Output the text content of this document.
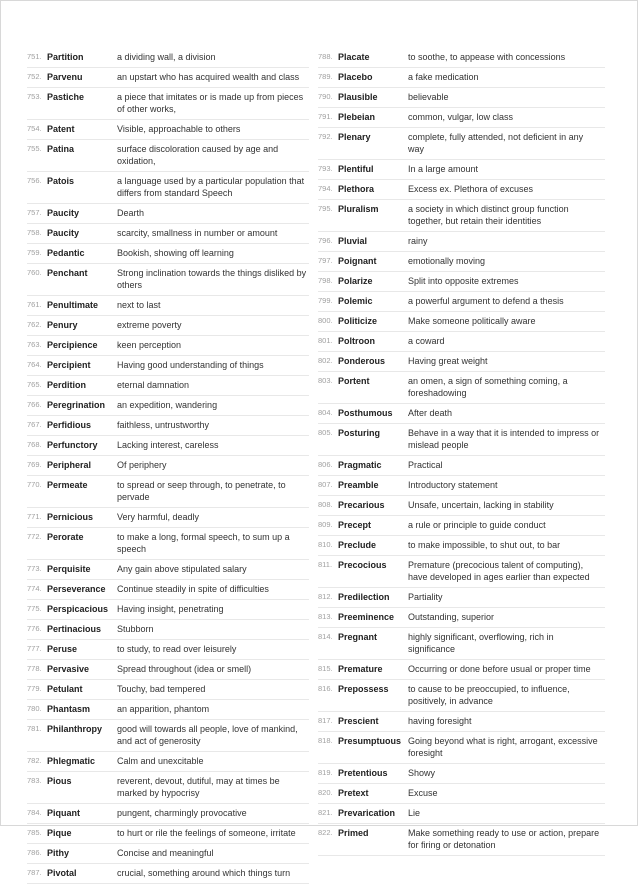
751. Partition	a dividing wall, a division
752. Parvenu	an upstart who has acquired wealth and class
753. Pastiche	a piece that imitates or is made up from pieces of other works,
754. Patent	Visible, approachable to others
755. Patina	surface discoloration caused by age and oxidation,
756. Patois	a language used by a particular population that differs from standard Speech
757. Paucity	Dearth
758. Paucity	scarcity, smallness in number or amount
759. Pedantic	Bookish, showing off learning
760. Penchant	Strong inclination towards the things disliked by others
761. Penultimate next to last
762. Penury	extreme poverty
763. Percipience keen perception
764. Percipient	Having good understanding of things
765. Perdition	eternal damnation
766. Peregrination an expedition, wandering
767. Perfidious	faithless, untrustworthy
768. Perfunctory Lacking interest, careless
769. Peripheral	Of periphery
770. Permeate	to spread or seep through, to penetrate, to pervade
771. Pernicious	Very harmful, deadly
772. Perorate	to make a long, formal speech, to sum up a speech
773. Perquisite	Any gain above stipulated salary
774. Perseverance Continue steadily in spite of difficulties
775. Perspicacious Having insight, penetrating
776. Pertinacious Stubborn
777. Peruse	to study, to read over leisurely
778. Pervasive	Spread throughout (idea or smell)
779. Petulant	Touchy, bad tempered
780. Phantasm	an apparition, phantom
781. Philanthropy good will towards all people, love of mankind, and act of generosity
782. Phlegmatic Calm and unexcitable
783. Pious	reverent, devout, dutiful, may at times be marked by hypocrisy
784. Piquant	pungent, charmingly provocative
785. Pique	to hurt or rile the feelings of someone, irritate
786. Pithy	Concise and meaningful
787. Pivotal	crucial, something around which things turn
788. Placate	to soothe, to appease with concessions
789. Placebo	a fake medication
790. Plausible	believable
791. Plebeian	common, vulgar, low class
792. Plenary	complete, fully attended, not deficient in any way
793. Plentiful	In a large amount
794. Plethora	Excess ex. Plethora of excuses
795. Pluralism	a society in which distinct group function together, but retain their identities
796. Pluvial	rainy
797. Poignant	emotionally moving
798. Polarize	Split into opposite extremes
799. Polemic	a powerful argument to defend a thesis
800. Politicize	Make someone politically aware
801. Poltroon	a coward
802. Ponderous	Having great weight
803. Portent	an omen, a sign of something coming, a foreshadowing
804. Posthumous After death
805. Posturing	Behave in a way that it is intended to impress or mislead people
806. Pragmatic	Practical
807. Preamble	Introductory statement
808. Precarious	Unsafe, uncertain, lacking in stability
809. Precept	a rule or principle to guide conduct
810. Preclude	to make impossible, to shut out, to bar
811. Precocious Premature (precocious talent of computing), have developed in ages earlier than expected
812. Predilection Partiality
813. Preeminence Outstanding, superior
814. Pregnant	highly significant, overflowing, rich in significance
815. Premature	Occurring or done before usual or proper time
816. Prepossess to cause to be preoccupied, to influence, positively, in advance
817. Prescient	having foresight
818. Presumptuous Going beyond what is right, arrogant, excessive foresight
819. Pretentious Showy
820. Pretext	Excuse
821. Prevarication Lie
822. Primed	Make something ready to use or action, prepare for firing or detonation
